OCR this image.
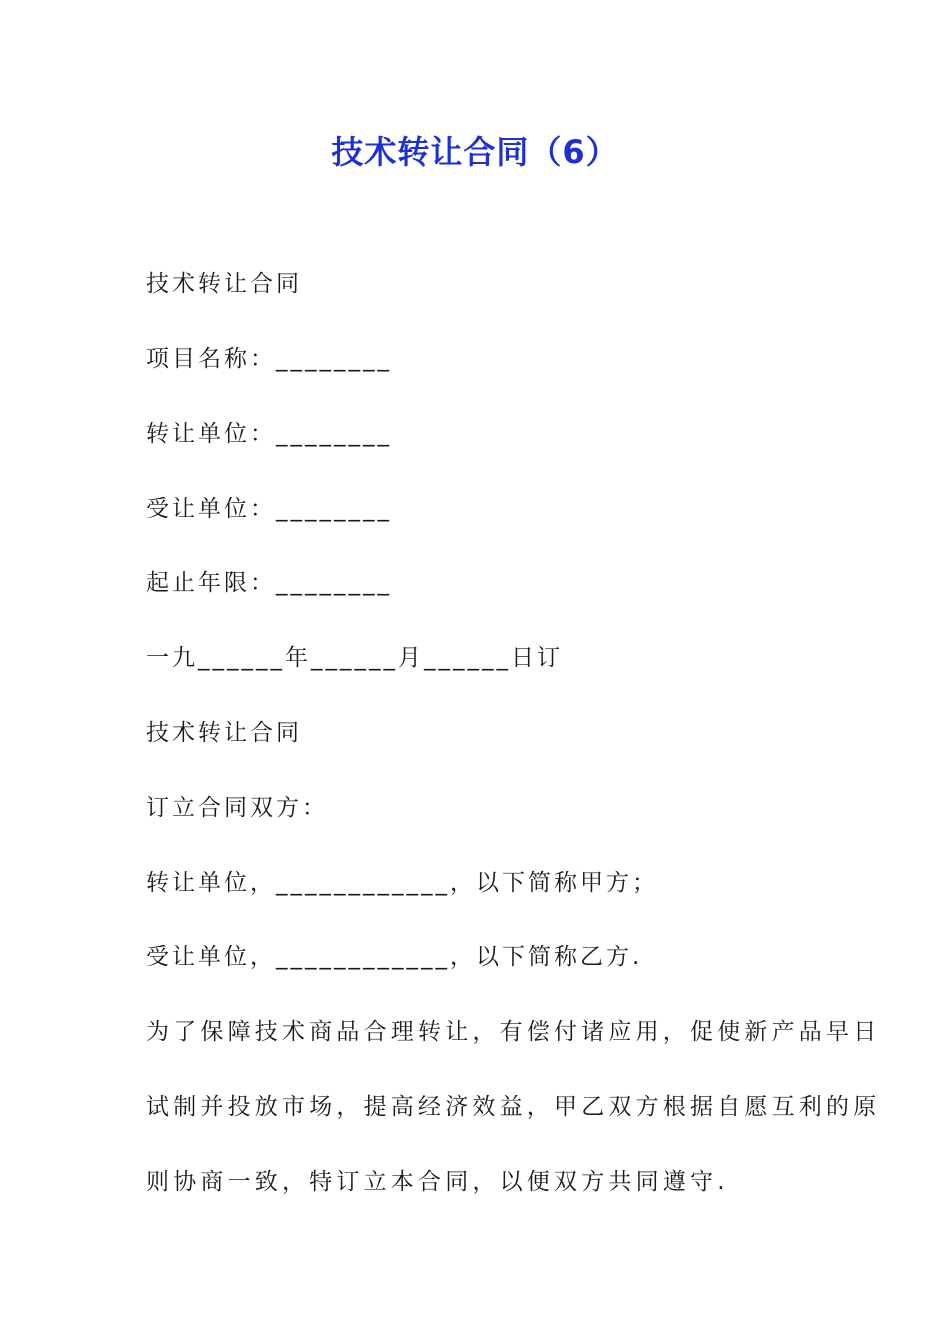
技术转让合同（6）

技术转让合同

项目名称：________

转让单位：________

受让单位：________

起止年限：________

一九______年______月______日订

技术转让合同

订立合同双方：

转让单位，____________，以下简称甲方；

受让单位，____________，以下简称乙方.

为了保障技术商品合理转让，有偿付诸应用，促使新产品早日

试制并投放市场，提高经济效益，甲乙双方根据自愿互利的原

则协商一致，特订立本合同，以便双方共同遵守.
